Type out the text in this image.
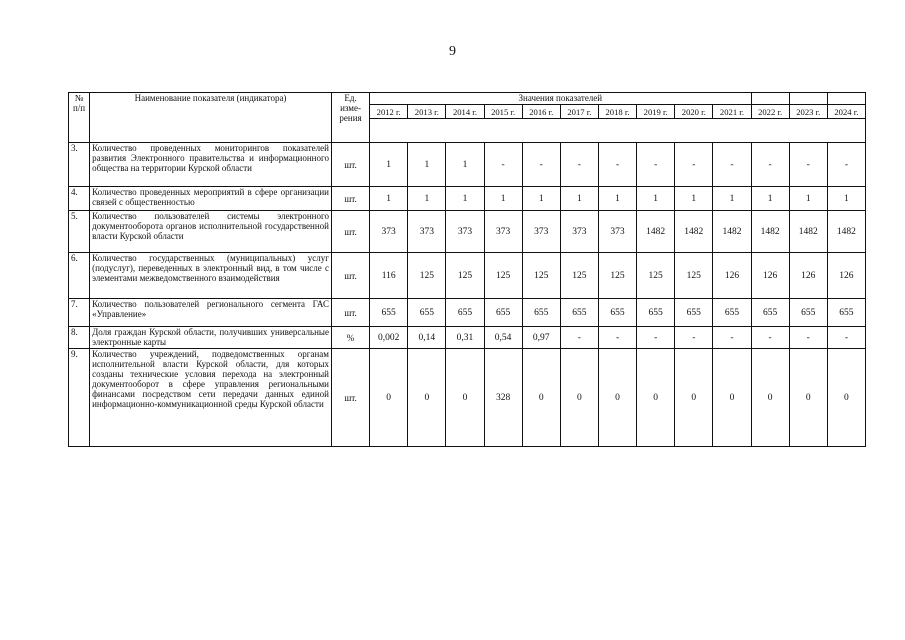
9
№ п/п	Наименование показателя (индикатора)	Ед. изме-рения	Значения показателей												
			2012 г.	2013 г.	2014 г.	2015 г.	2016 г.	2017 г.	2018 г.	2019 г.	2020 г.	2021 г.	2022 г.	2023 г.	2024 г.

3.	Количество проведенных мониторингов показателей развития Электронного правительства и информационного общества на территории Курской области	шт.	1	1	1	-	-	-	-	-	-	-	-	-	-
4.	Количество проведенных мероприятий в сфере организации связей с общественностью	шт.	1	1	1	1	1	1	1	1	1	1	1	1	1
5.	Количество пользователей системы электронного документооборота органов исполнительной государственной власти Курской области	шт.	373	373	373	373	373	373	373	1482	1482	1482	1482	1482	1482
6.	Количество государственных (муниципальных) услуг (подуслуг), переведенных в электронный вид, в том числе с элементами межведомственного взаимодействия	шт.	116	125	125	125	125	125	125	125	125	126	126	126	126
7.	Количество пользователей регионального сегмента ГАС «Управление»	шт.	655	655	655	655	655	655	655	655	655	655	655	655	655
8.	Доля граждан Курской области, получивших универсальные электронные карты	%	0,002	0,14	0,31	0,54	0,97	-	-	-	-	-	-	-	-
9.	Количество учреждений, подведомственных органам исполнительной власти Курской области, для которых созданы технические условия перехода на электронный документооборот в сфере управления региональными финансами посредством сети передачи данных единой информационно-коммуникационной среды Курской области	шт.	0	0	0	328	0	0	0	0	0	0	0	0	0
